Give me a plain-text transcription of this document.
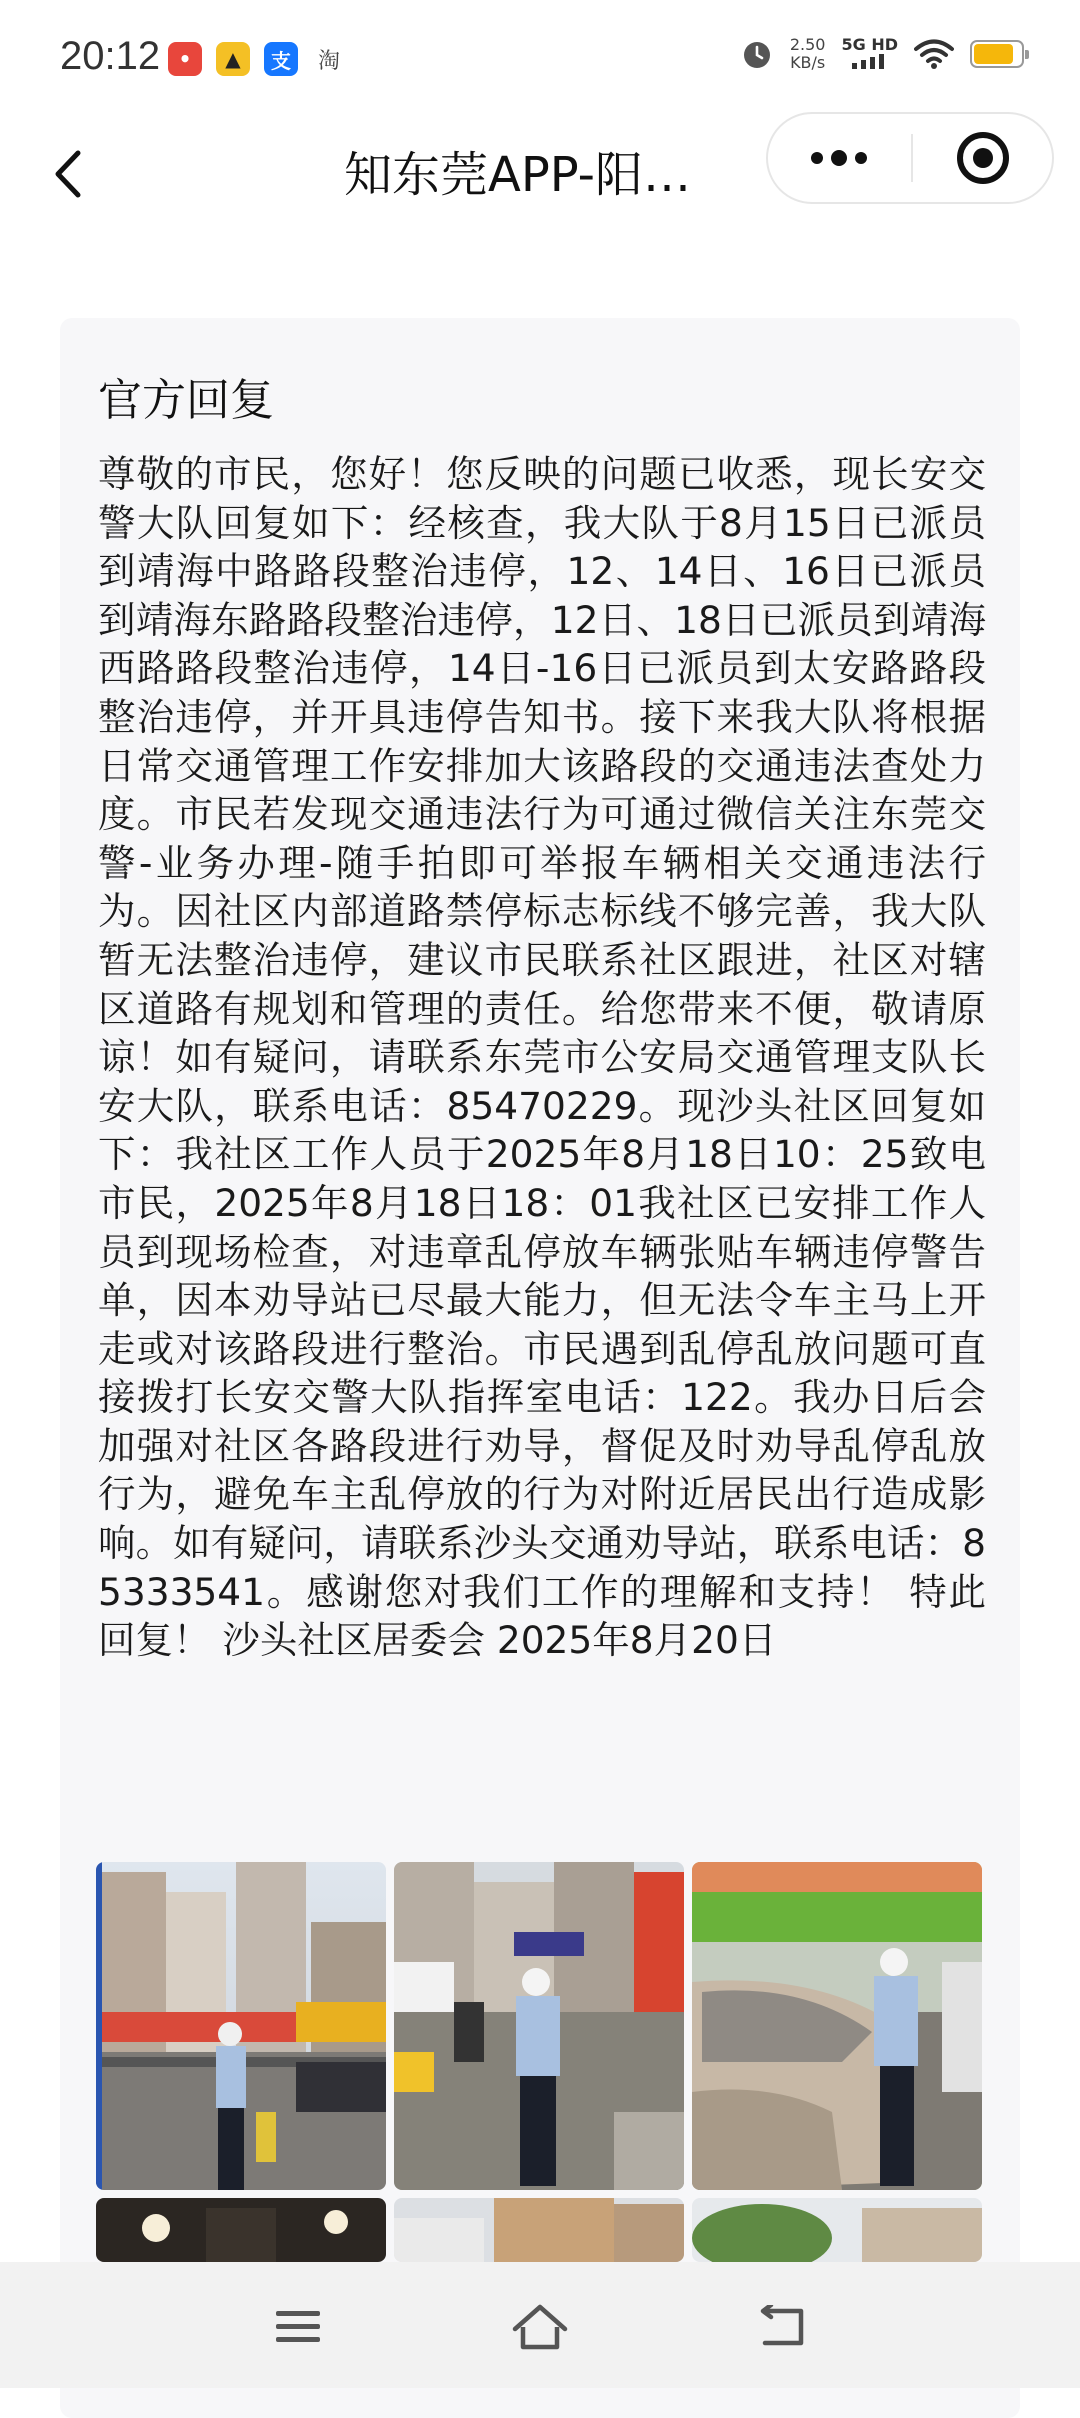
20:12 •	▲	支	淘
2.50
KB/s
5G HD
知东莞APP-阳…
官方回复

尊敬的市民，您好！您反映的问题已收悉，现长安交警大队回复如下：经核查，我大队于8月15日已派员到靖海中路路段整治违停，12、14日、16日已派员到靖海东路路段整治违停，12日、18日已派员到靖海西路路段整治违停，14日-16日已派员到太安路路段整治违停，并开具违停告知书。接下来我大队将根据日常交通管理工作安排加大该路段的交通违法查处力度。市民若发现交通违法行为可通过微信关注东莞交警-业务办理-随手拍即可举报车辆相关交通违法行为。因社区内部道路禁停标志标线不够完善，我大队暂无法整治违停，建议市民联系社区跟进，社区对辖区道路有规划和管理的责任。给您带来不便，敬请原谅！如有疑问，请联系东莞市公安局交通管理支队长安大队，联系电话：85470229。现沙头社区回复如下：我社区工作人员于2025年8月18日10：25致电市民，2025年8月18日18：01我社区已安排工作人员到现场检查，对违章乱停放车辆张贴车辆违停警告单，因本劝导站已尽最大能力，但无法令车主马上开走或对该路段进行整治。市民遇到乱停乱放问题可直接拨打长安交警大队指挥室电话：122。我办日后会加强对社区各路段进行劝导，督促及时劝导乱停乱放行为，避免车主乱停放的行为对附近居民出行造成影响。如有疑问，请联系沙头交通劝导站，联系电话：85333541。感谢您对我们工作的理解和支持！ 特此回复！ 沙头社区居委会 2025年8月20日
